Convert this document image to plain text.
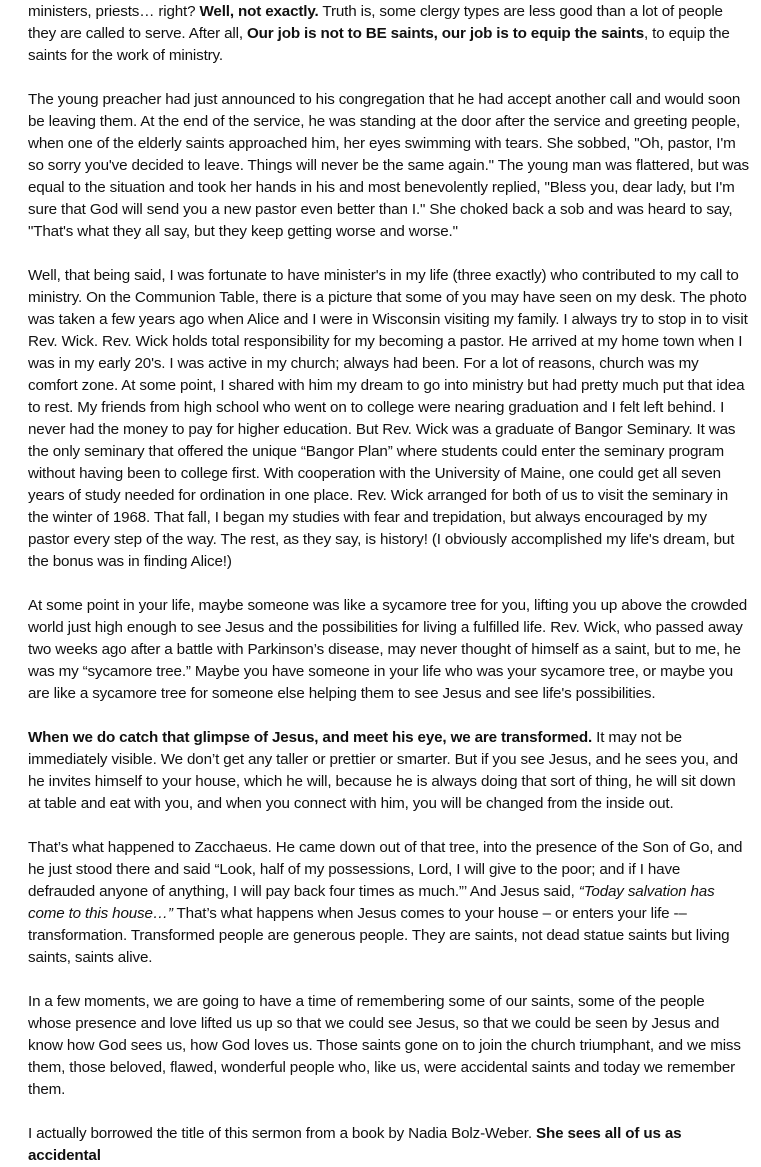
ministers, priests… right? Well, not exactly. Truth is, some clergy types are less good than a lot of people they are called to serve. After all, Our job is not to BE saints, our job is to equip the saints, to equip the saints for the work of ministry.

The young preacher had just announced to his congregation that he had accept another call and would soon be leaving them. At the end of the service, he was standing at the door after the service and greeting people, when one of the elderly saints approached him, her eyes swimming with tears. She sobbed, "Oh, pastor, I'm so sorry you've decided to leave. Things will never be the same again." The young man was flattered, but was equal to the situation and took her hands in his and most benevolently replied, "Bless you, dear lady, but I'm sure that God will send you a new pastor even better than I." She choked back a sob and was heard to say, "That's what they all say, but they keep getting worse and worse."

Well, that being said, I was fortunate to have minister's in my life (three exactly) who contributed to my call to ministry. On the Communion Table, there is a picture that some of you may have seen on my desk. The photo was taken a few years ago when Alice and I were in Wisconsin visiting my family. I always try to stop in to visit Rev. Wick. Rev. Wick holds total responsibility for my becoming a pastor. He arrived at my home town when I was in my early 20's. I was active in my church; always had been. For a lot of reasons, church was my comfort zone. At some point, I shared with him my dream to go into ministry but had pretty much put that idea to rest. My friends from high school who went on to college were nearing graduation and I felt left behind. I never had the money to pay for higher education. But Rev. Wick was a graduate of Bangor Seminary. It was the only seminary that offered the unique “Bangor Plan” where students could enter the seminary program without having been to college first. With cooperation with the University of Maine, one could get all seven years of study needed for ordination in one place. Rev. Wick arranged for both of us to visit the seminary in the winter of 1968. That fall, I began my studies with fear and trepidation, but always encouraged by my pastor every step of the way. The rest, as they say, is history! (I obviously accomplished my life's dream, but the bonus was in finding Alice!)

At some point in your life, maybe someone was like a sycamore tree for you, lifting you up above the crowded world just high enough to see Jesus and the possibilities for living a fulfilled life. Rev. Wick, who passed away two weeks ago after a battle with Parkinson’s disease, may never thought of himself as a saint, but to me, he was my “sycamore tree.” Maybe you have someone in your life who was your sycamore tree, or maybe you are like a sycamore tree for someone else helping them to see Jesus and see life's possibilities.

When we do catch that glimpse of Jesus, and meet his eye, we are transformed. It may not be immediately visible. We don’t get any taller or prettier or smarter. But if you see Jesus, and he sees you, and he invites himself to your house, which he will, because he is always doing that sort of thing, he will sit down at table and eat with you, and when you connect with him, you will be changed from the inside out.

That’s what happened to Zacchaeus. He came down out of that tree, into the presence of the Son of Go, and he just stood there and said “Look, half of my possessions, Lord, I will give to the poor; and if I have defrauded anyone of anything, I will pay back four times as much.”’ And Jesus said, “Today salvation has come to this house…” That’s what happens when Jesus comes to your house – or enters your life -– transformation. Transformed people are generous people. They are saints, not dead statue saints but living saints, saints alive.

In a few moments, we are going to have a time of remembering some of our saints, some of the people whose presence and love lifted us up so that we could see Jesus, so that we could be seen by Jesus and know how God sees us, how God loves us. Those saints gone on to join the church triumphant, and we miss them, those beloved, flawed, wonderful people who, like us, were accidental saints and today we remember them.

I actually borrowed the title of this sermon from a book by Nadia Bolz-Weber. She sees all of us as accidental
